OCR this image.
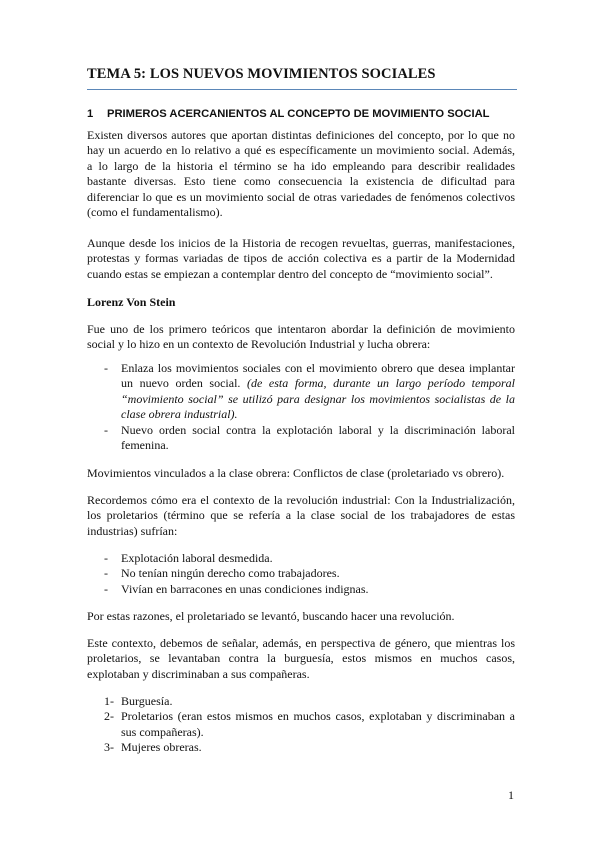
TEMA 5: LOS NUEVOS MOVIMIENTOS SOCIALES
1 PRIMEROS ACERCANIENTOS AL CONCEPTO DE MOVIMIENTO SOCIAL
Existen diversos autores que aportan distintas definiciones del concepto, por lo que no
hay un acuerdo en lo relativo a qué es específicamente un movimiento social. Además,
a lo largo de la historia el término se ha ido empleando para describir realidades
bastante diversas. Esto tiene como consecuencia la existencia de dificultad para
diferenciar lo que es un movimiento social de otras variedades de fenómenos colectivos
(como el fundamentalismo).
Aunque desde los inicios de la Historia de recogen revueltas, guerras, manifestaciones,
protestas y formas variadas de tipos de acción colectiva es a partir de la Modernidad
cuando estas se empiezan a contemplar dentro del concepto de “movimiento social”.
Lorenz Von Stein
Fue uno de los primero teóricos que intentaron abordar la definición de movimiento
social y lo hizo en un contexto de Revolución Industrial y lucha obrera:
- Enlaza los movimientos sociales con el movimiento obrero que desea implantar
un nuevo orden social. (de esta forma, durante un largo período temporal
“movimiento social” se utilizó para designar los movimientos socialistas de la
clase obrera industrial).
- Nuevo orden social contra la explotación laboral y la discriminación laboral
femenina.
Movimientos vinculados a la clase obrera: Conflictos de clase (proletariado vs obrero).
Recordemos cómo era el contexto de la revolución industrial: Con la Industrialización,
los proletarios (término que se refería a la clase social de los trabajadores de estas
industrias) sufrían:
- Explotación laboral desmedida.
- No tenían ningún derecho como trabajadores.
- Vivían en barracones en unas condiciones indignas.
Por estas razones, el proletariado se levantó, buscando hacer una revolución.
Este contexto, debemos de señalar, además, en perspectiva de género, que mientras los
proletarios, se levantaban contra la burguesía, estos mismos en muchos casos,
explotaban y discriminaban a sus compañeras.
1- Burguesía.
2- Proletarios (eran estos mismos en muchos casos, explotaban y discriminaban a
sus compañeras).
3- Mujeres obreras.
1
